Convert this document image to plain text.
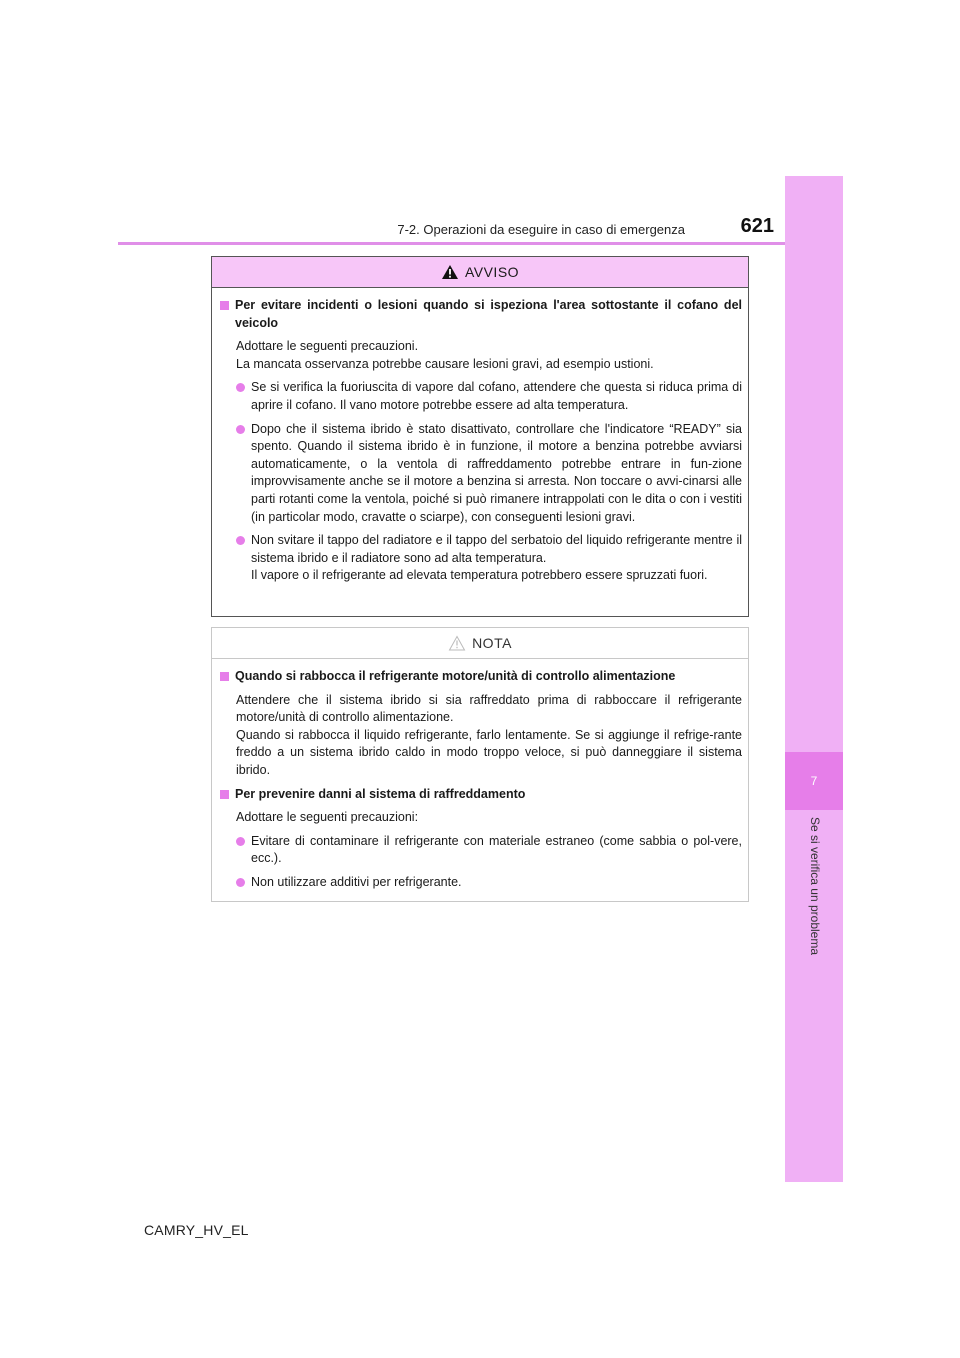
7
Se si verifica un problema
7-2. Operazioni da eseguire in caso di emergenza	621
AVVISO
Per evitare incidenti o lesioni quando si ispeziona l'area sottostante il cofano del veicolo

Adottare le seguenti precauzioni.

La mancata osservanza potrebbe causare lesioni gravi, ad esempio ustioni.

Se si verifica la fuoriuscita di vapore dal cofano, attendere che questa si riduca prima di aprire il cofano. Il vano motore potrebbe essere ad alta temperatura.
Dopo che il sistema ibrido è stato disattivato, controllare che l'indicatore “READY” sia spento. Quando il sistema ibrido è in funzione, il motore a benzina potrebbe avviarsi automaticamente, o la ventola di raffreddamento potrebbe entrare in fun-zione improvvisamente anche se il motore a benzina si arresta. Non toccare o avvi-cinarsi alle parti rotanti come la ventola, poiché si può rimanere intrappolati con le dita o con i vestiti (in particolar modo, cravatte o sciarpe), con conseguenti lesioni gravi.
Non svitare il tappo del radiatore e il tappo del serbatoio del liquido refrigerante mentre il sistema ibrido e il radiatore sono ad alta temperatura.
Il vapore o il refrigerante ad elevata temperatura potrebbero essere spruzzati fuori.
NOTA
Quando si rabbocca il refrigerante motore/unità di controllo alimentazione

Attendere che il sistema ibrido si sia raffreddato prima di rabboccare il refrigerante motore/unità di controllo alimentazione.

Quando si rabbocca il liquido refrigerante, farlo lentamente. Se si aggiunge il refrige-rante freddo a un sistema ibrido caldo in modo troppo veloce, si può danneggiare il sistema ibrido.

Per prevenire danni al sistema di raffreddamento

Adottare le seguenti precauzioni:

Evitare di contaminare il refrigerante con materiale estraneo (come sabbia o pol-vere, ecc.).
Non utilizzare additivi per refrigerante.
CAMRY_HV_EL
